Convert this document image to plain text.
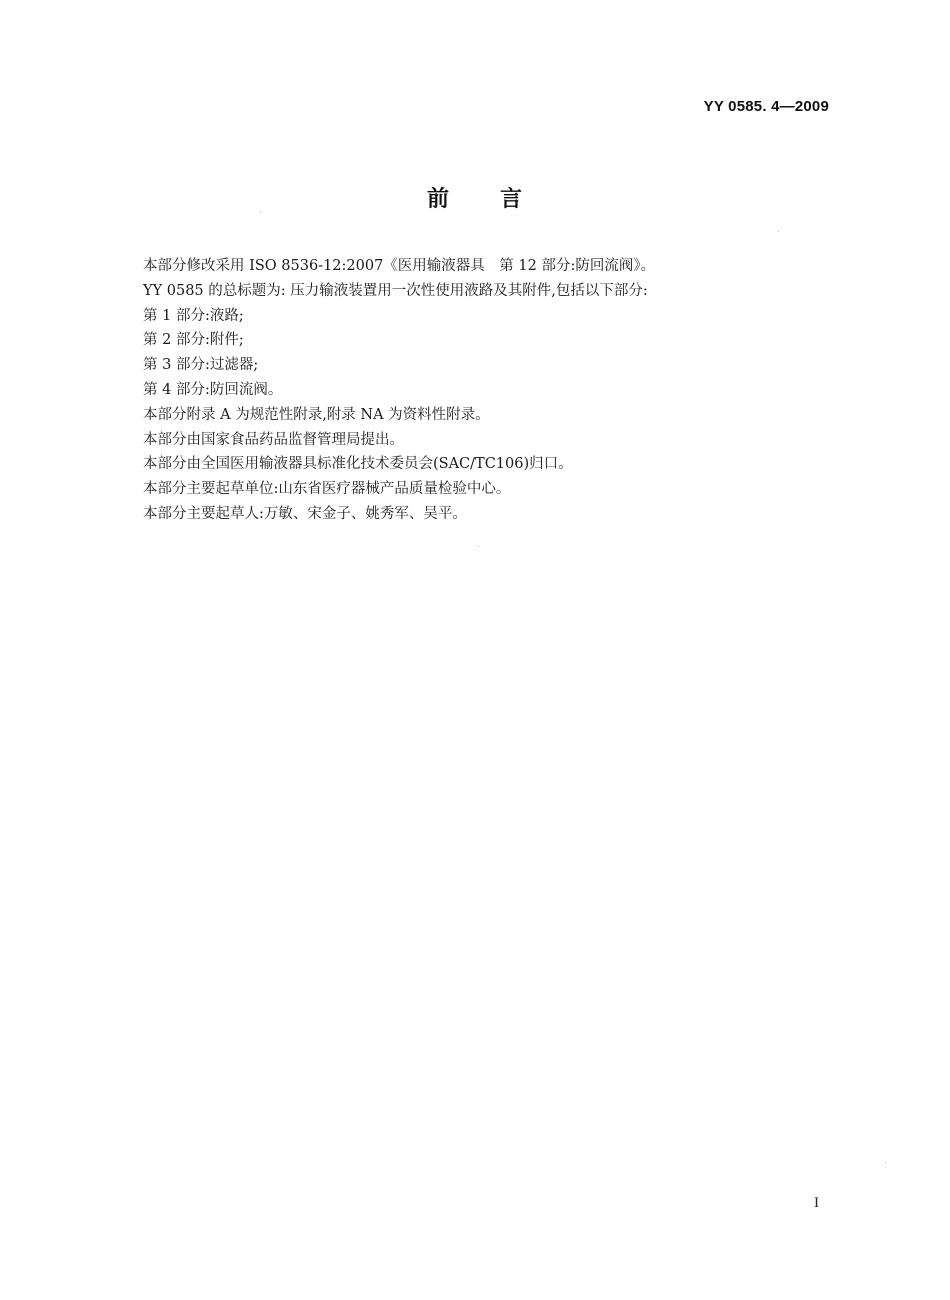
YY 0585. 4—2009
前 言
本部分修改采用 ISO 8536-12:2007《医用输液器具　第 12 部分:防回流阀》。
YY 0585 的总标题为: 压力输液装置用一次性使用液路及其附件,包括以下部分:
第 1 部分:液路;
第 2 部分:附件;
第 3 部分:过滤器;
第 4 部分:防回流阀。
本部分附录 A 为规范性附录,附录 NA 为资料性附录。
本部分由国家食品药品监督管理局提出。
本部分由全国医用输液器具标准化技术委员会(SAC/TC106)归口。
本部分主要起草单位:山东省医疗器械产品质量检验中心。
本部分主要起草人:万敏、宋金子、姚秀军、吴平。
I
